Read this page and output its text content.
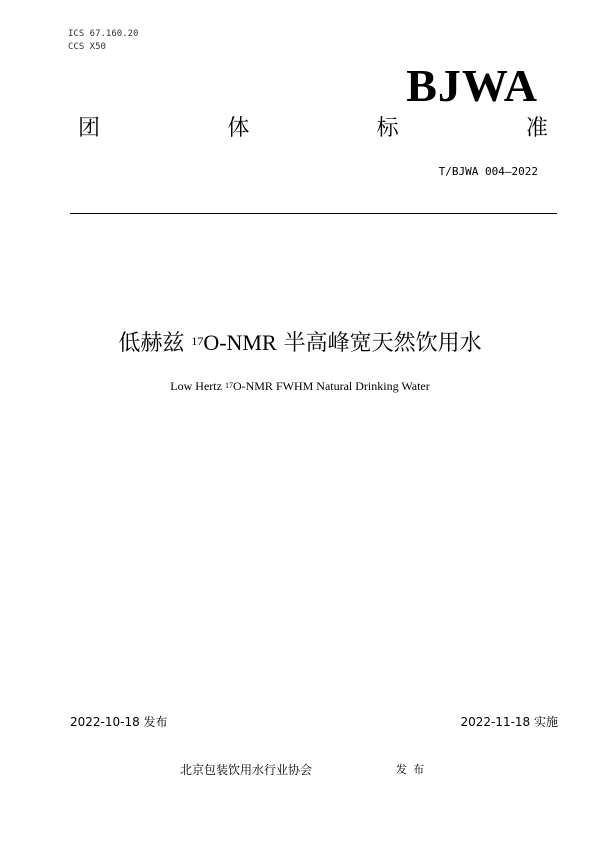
ICS 67.160.20
CCS X50
BJWA
团	体	标	准
T/BJWA 004—2022
低赫兹 $^{17}$O-NMR 半高峰宽天然饮用水
Low Hertz $^{17}$O-NMR FWHM Natural Drinking Water
2022-10-18 发布	2022-11-18 实施
北京包装饮用水行业协会	发布
